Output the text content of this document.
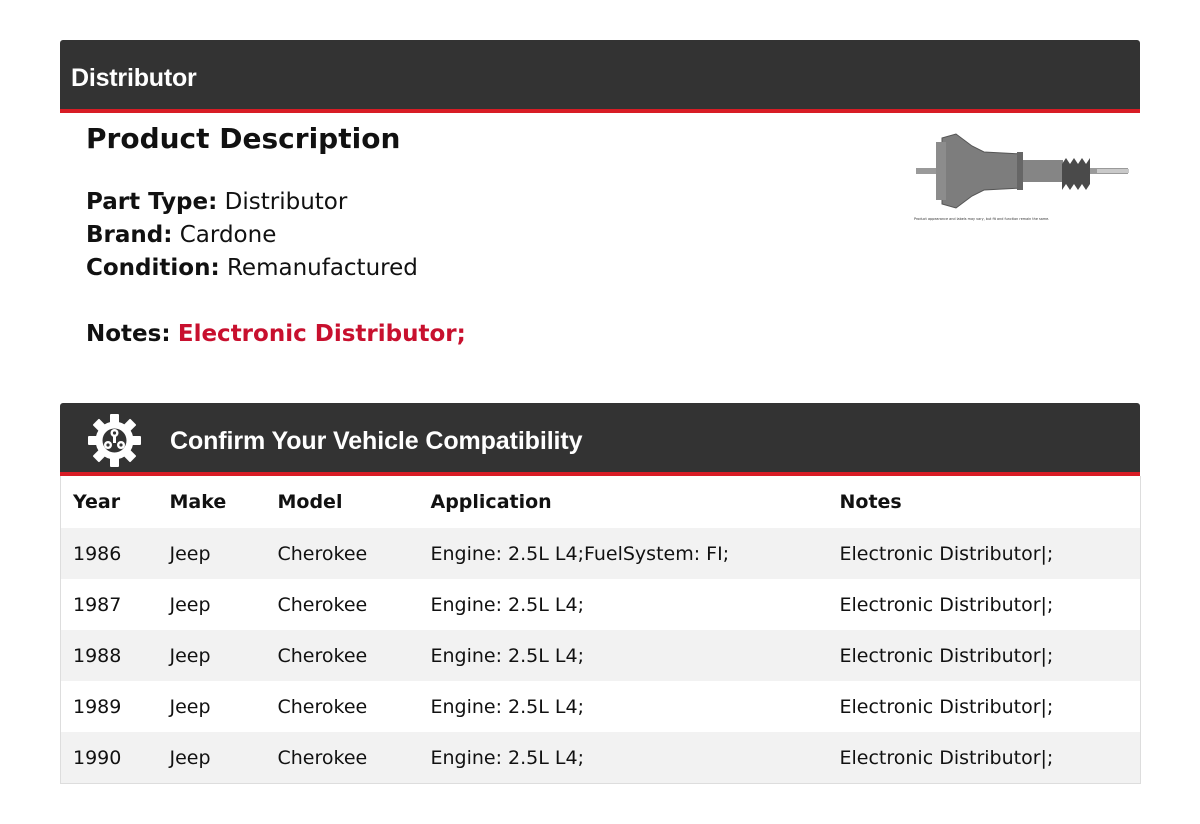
Distributor
Product Description
Part Type: Distributor
Brand: Cardone
Condition: Remanufactured
Notes: Electronic Distributor;
Product appearance and labels may vary, but fit and function remain the same.
Confirm Your Vehicle Compatibility
Year	Make	Model	Application	Notes
1986	Jeep	Cherokee	Engine: 2.5L L4;FuelSystem: FI;	Electronic Distributor|;
1987	Jeep	Cherokee	Engine: 2.5L L4;	Electronic Distributor|;
1988	Jeep	Cherokee	Engine: 2.5L L4;	Electronic Distributor|;
1989	Jeep	Cherokee	Engine: 2.5L L4;	Electronic Distributor|;
1990	Jeep	Cherokee	Engine: 2.5L L4;	Electronic Distributor|;
